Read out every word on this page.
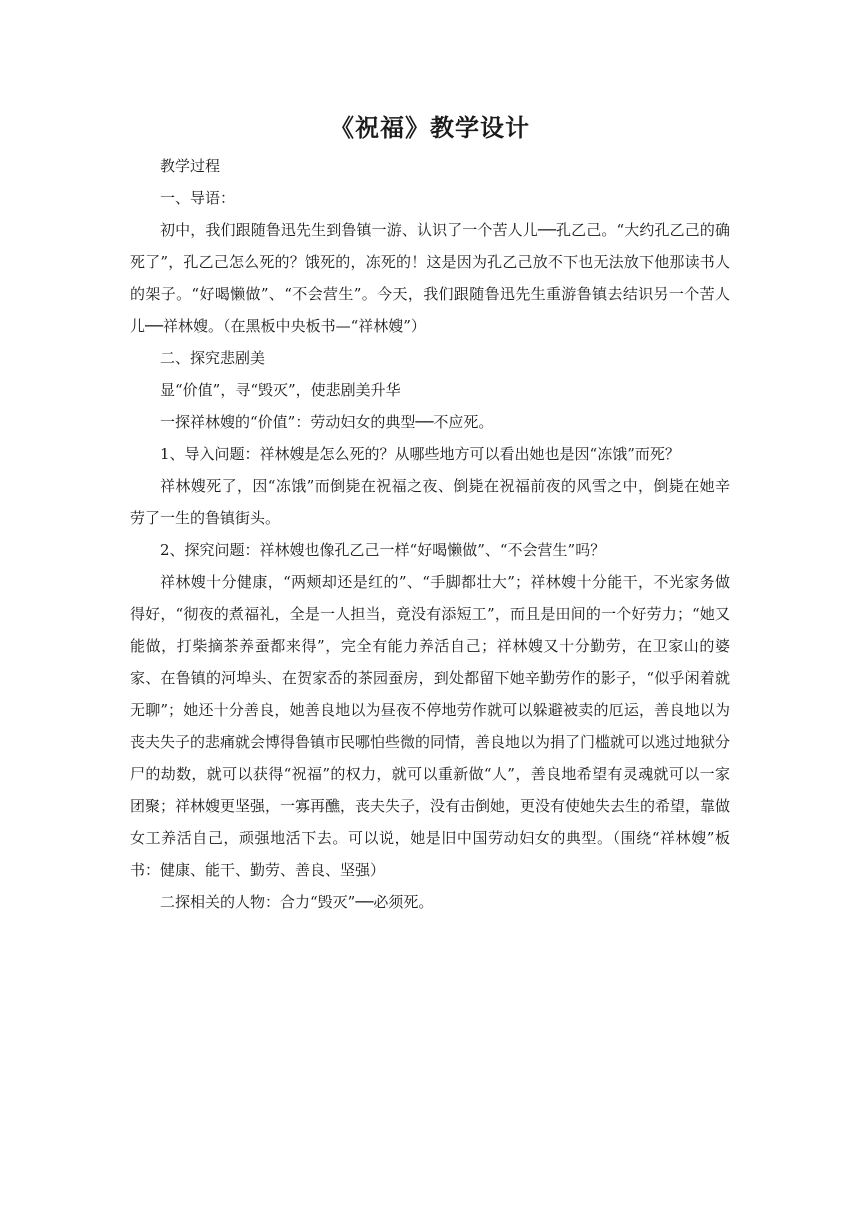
《祝福》教学设计

教学过程

一、导语：

初中，我们跟随鲁迅先生到鲁镇一游、认识了一个苦人儿──孔乙己。“大约孔乙己的确死了”，孔乙己怎么死的？饿死的，冻死的！这是因为孔乙己放不下也无法放下他那读书人的架子。“好喝懒做”、“不会营生”。今天，我们跟随鲁迅先生重游鲁镇去结识另一个苦人儿──祥林嫂。（在黑板中央板书—“祥林嫂”）

二、探究悲剧美

显“价值”，寻“毁灭”，使悲剧美升华

一探祥林嫂的“价值”：劳动妇女的典型──不应死。

1、导入问题：祥林嫂是怎么死的？从哪些地方可以看出她也是因“冻饿”而死？

祥林嫂死了，因“冻饿”而倒毙在祝福之夜、倒毙在祝福前夜的风雪之中，倒毙在她辛劳了一生的鲁镇街头。

2、探究问题：祥林嫂也像孔乙己一样“好喝懒做”、“不会营生”吗？

祥林嫂十分健康，“两颊却还是红的”、“手脚都壮大”；祥林嫂十分能干，不光家务做得好，“彻夜的煮福礼，全是一人担当，竟没有添短工”，而且是田间的一个好劳力；“她又能做，打柴摘茶养蚕都来得”，完全有能力养活自己；祥林嫂又十分勤劳，在卫家山的婆家、在鲁镇的河埠头、在贺家岙的茶园蚕房，到处都留下她辛勤劳作的影子，“似乎闲着就无聊”；她还十分善良，她善良地以为昼夜不停地劳作就可以躲避被卖的厄运，善良地以为丧夫失子的悲痛就会博得鲁镇市民哪怕些微的同情，善良地以为捐了门槛就可以逃过地狱分尸的劫数，就可以获得“祝福”的权力，就可以重新做“人”，善良地希望有灵魂就可以一家团聚；祥林嫂更坚强，一寡再醮，丧夫失子，没有击倒她，更没有使她失去生的希望，靠做女工养活自己，顽强地活下去。可以说，她是旧中国劳动妇女的典型。（围绕“祥林嫂”板书：健康、能干、勤劳、善良、坚强）

二探相关的人物：合力“毁灭”──必须死。
